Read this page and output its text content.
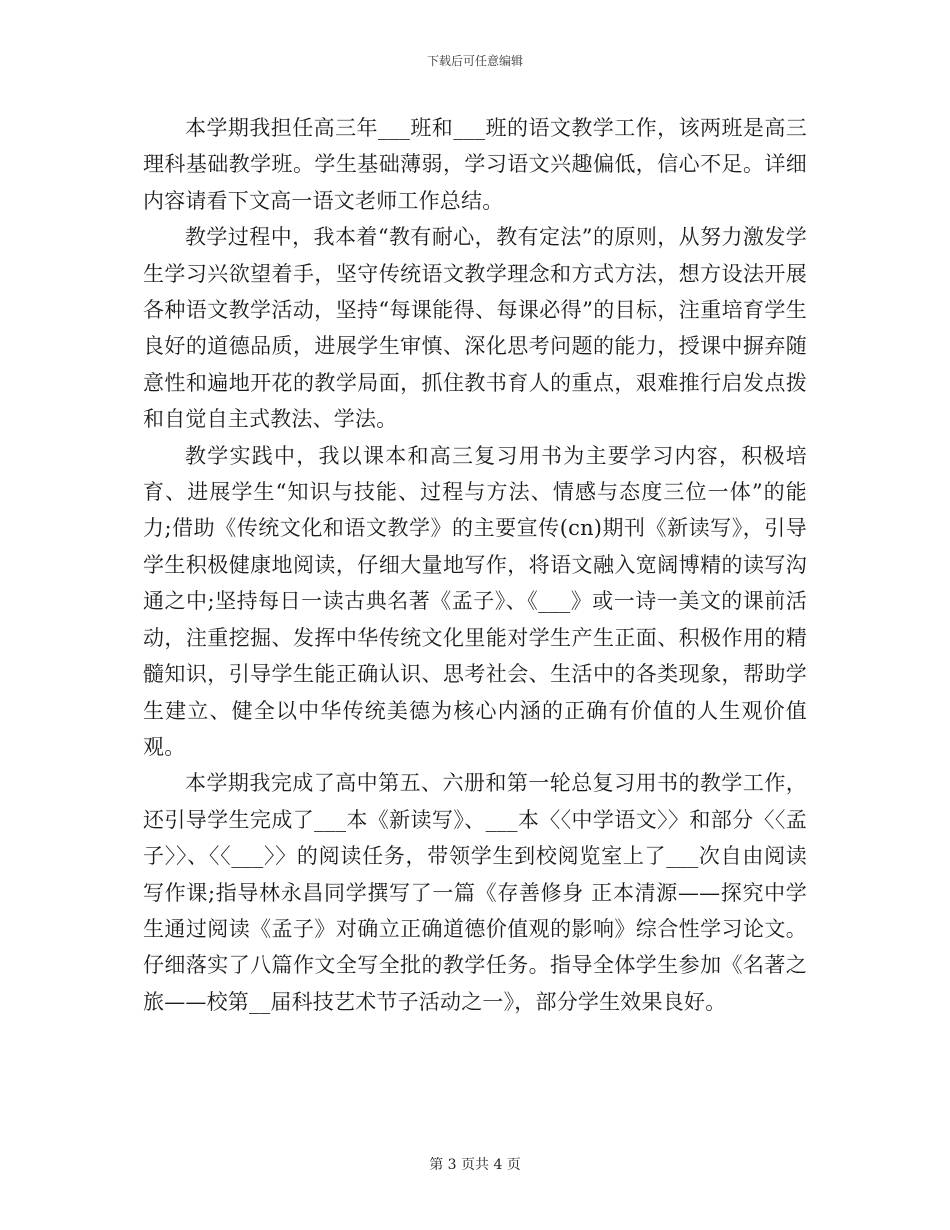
下载后可任意编辑

本学期我担任高三年___班和___班的语文教学工作，该两班是高三理科基础教学班。学生基础薄弱，学习语文兴趣偏低，信心不足。详细内容请看下文高一语文老师工作总结。

教学过程中，我本着“教有耐心，教有定法”的原则，从努力激发学生学习兴欲望着手，坚守传统语文教学理念和方式方法，想方设法开展各种语文教学活动，坚持“每课能得、每课必得”的目标，注重培育学生良好的道德品质，进展学生审慎、深化思考问题的能力，授课中摒弃随意性和遍地开花的教学局面，抓住教书育人的重点，艰难推行启发点拨和自觉自主式教法、学法。

教学实践中，我以课本和高三复习用书为主要学习内容，积极培育、进展学生“知识与技能、过程与方法、情感与态度三位一体”的能力;借助《传统文化和语文教学》的主要宣传(cn)期刊《新读写》，引导学生积极健康地阅读，仔细大量地写作，将语文融入宽阔博精的读写沟通之中;坚持每日一读古典名著《孟子》、《___》或一诗一美文的课前活动，注重挖掘、发挥中华传统文化里能对学生产生正面、积极作用的精髓知识，引导学生能正确认识、思考社会、生活中的各类现象，帮助学生建立、健全以中华传统美德为核心内涵的正确有价值的人生观价值观。

本学期我完成了高中第五、六册和第一轮总复习用书的教学工作，还引导学生完成了___本《新读写》、___本〈〈中学语文〉〉和部分〈〈孟子〉〉、〈〈___〉〉的阅读任务，带领学生到校阅览室上了___次自由阅读写作课;指导林永昌同学撰写了一篇《存善修身 正本清源——探究中学生通过阅读《孟子》对确立正确道德价值观的影响》综合性学习论文。仔细落实了八篇作文全写全批的教学任务。指导全体学生参加《名著之旅——校第__届科技艺术节子活动之一》，部分学生效果良好。

第 3 页共 4 页
